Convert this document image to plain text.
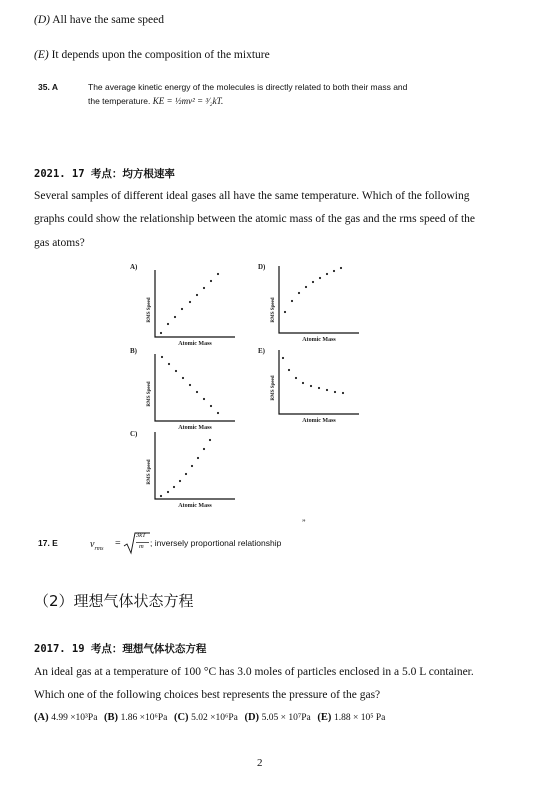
(D) All have the same speed
(E) It depends upon the composition of the mixture
35. A	The average kinetic energy of the molecules is directly related to both their mass and
the temperature. KE = ½mv² = ³⁄₂kT.
2021. 17 考点：均方根速率
Several samples of different ideal gases all have the same temperature. Which of the following
graphs could show the relationship between the atomic mass of the gas and the rms speed of the
gas atoms?
A)
RMS Speed
Atomic Mass
D)
RMS Speed
Atomic Mass
B)
RMS Speed
Atomic Mass
E)
RMS Speed
Atomic Mass
C)
RMS Speed
Atomic Mass
”
17. E	$v_{rms}$ =
3kT
m ; inversely proportional relationship
（2）理想气体状态方程
2017. 19 考点：理想气体状态方程
An ideal gas at a temperature of 100 °C has 3.0 moles of particles enclosed in a 5.0 L container.
Which one of the following choices best represents the pressure of the gas?
(A) 4.99 ×10³Pa (B) 1.86 ×10⁶Pa (C) 5.02 ×10⁶Pa (D) 5.05 × 10⁷Pa (E) 1.88 × 10⁵ Pa
2
